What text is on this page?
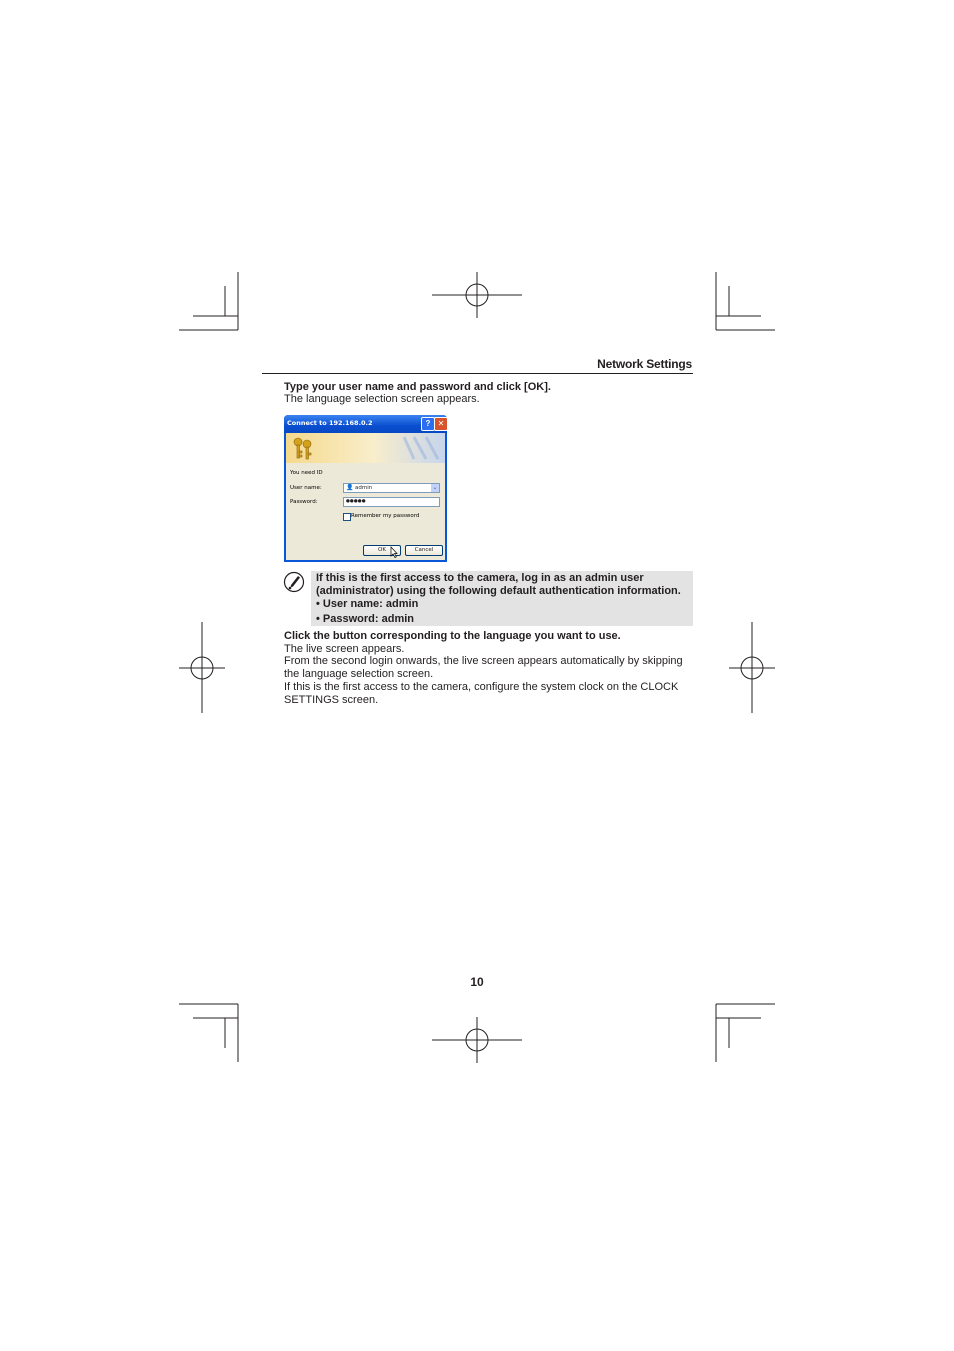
Network Settings
Type your user name and password and click [OK].
The language selection screen appears.
Connect to 192.168.0.2	? ✕
You need ID
User name:	👤 admin	⌄
Password:	●●●●●
Remember my password
OK	Cancel
If this is the first access to the camera, log in as an admin user
(administrator) using the following default authentication information.
• User name: admin
• Password: admin
Click the button corresponding to the language you want to use.
The live screen appears.
From the second login onwards, the live screen appears automatically by skipping
the language selection screen.
If this is the first access to the camera, configure the system clock on the CLOCK
SETTINGS screen.
10
